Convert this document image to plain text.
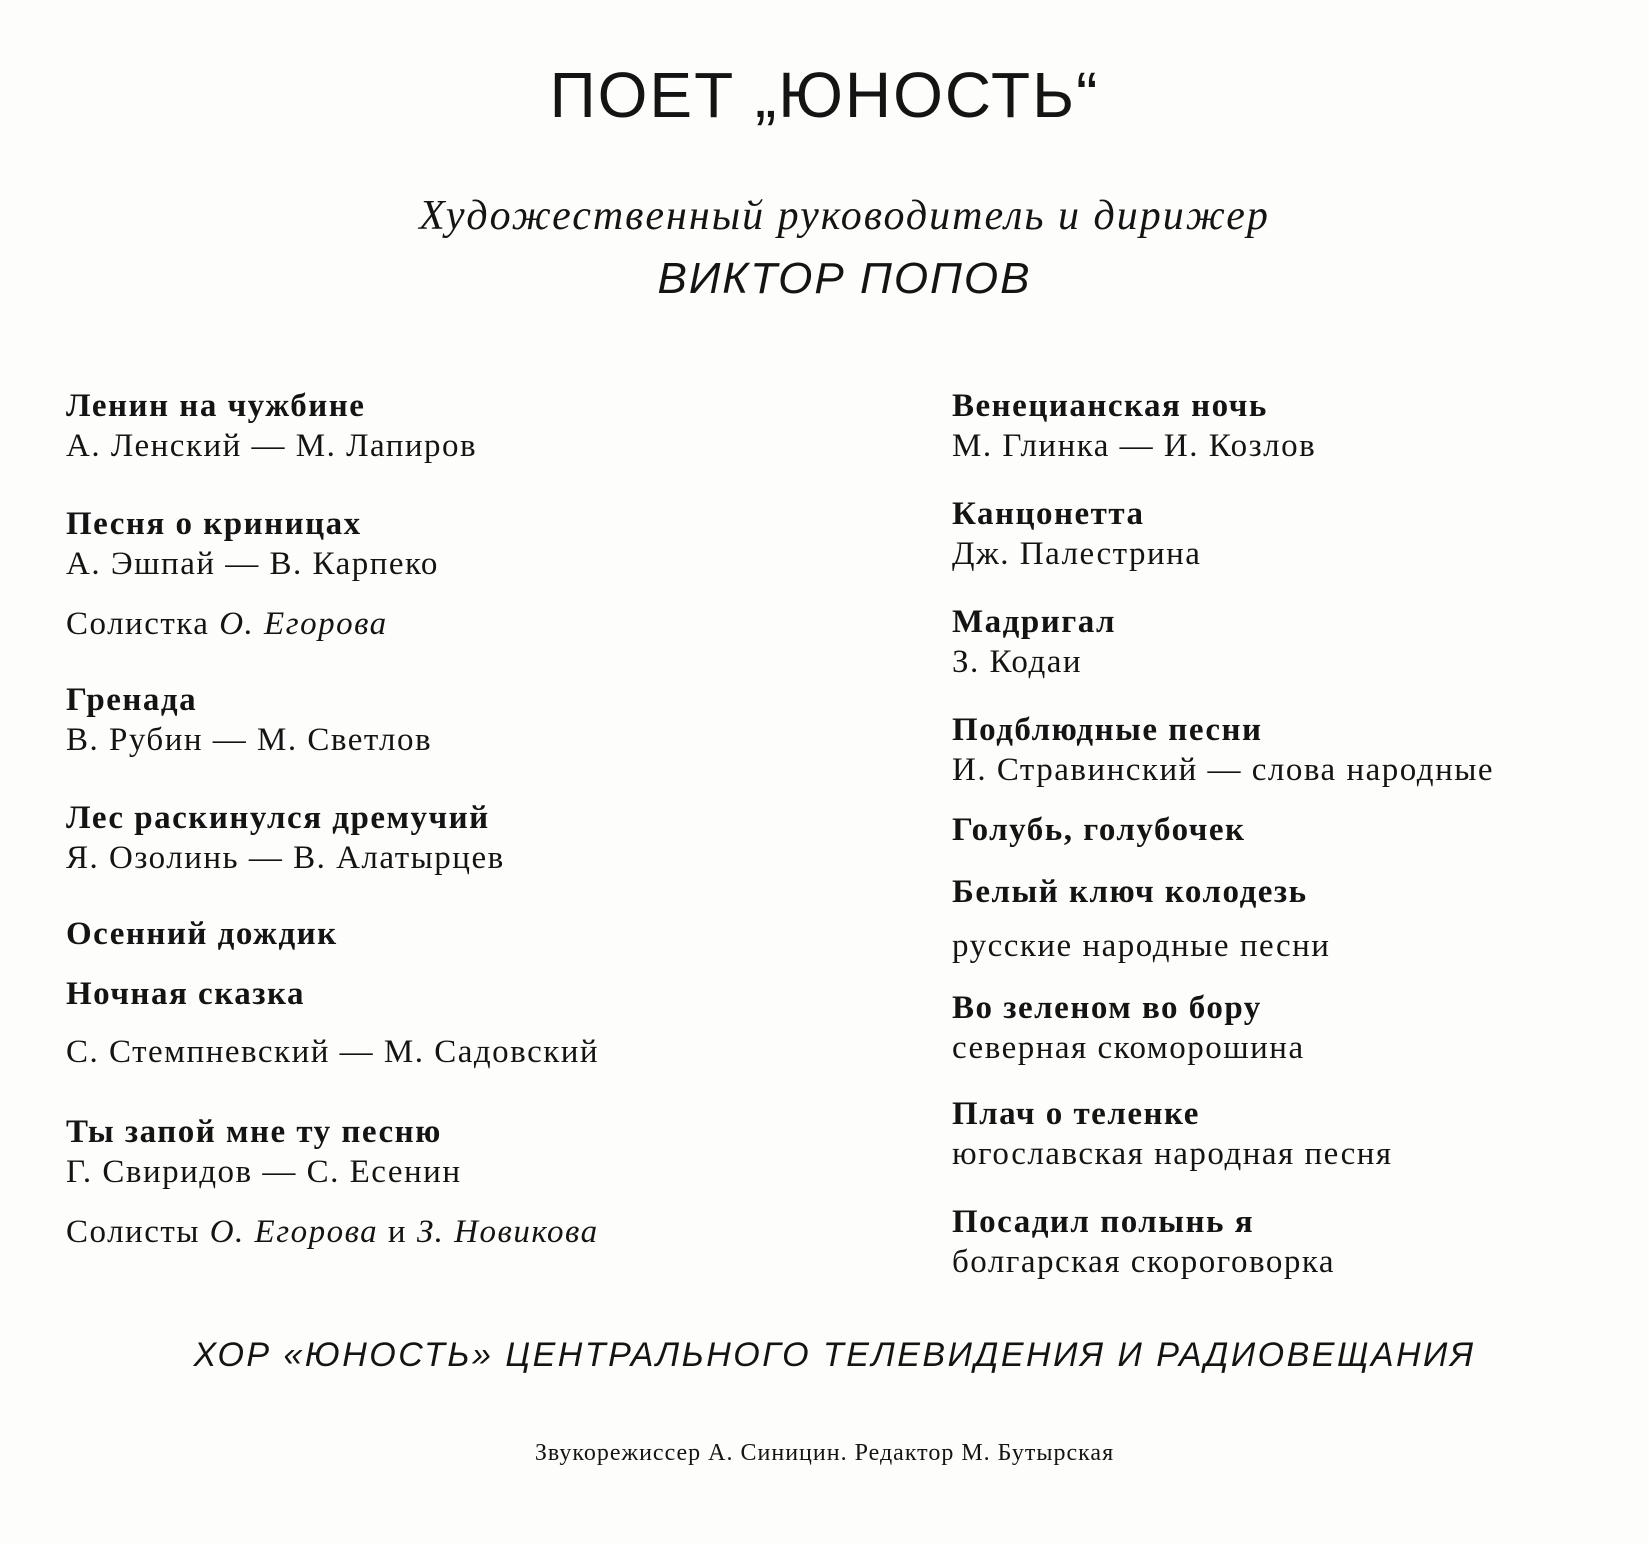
ПОЕТ „ЮНОСТЬ“
Художественный руководитель и дирижер
ВИКТОР ПОПОВ
Ленин на чужбине
А. Ленский — М. Лапиров
Песня о криницах
А. Эшпай — В. Карпеко
Солистка О. Егорова
Гренада
В. Рубин — М. Светлов
Лес раскинулся дремучий
Я. Озолинь — В. Алатырцев
Осенний дождик
Ночная сказка
С. Стемпневский — М. Садовский
Ты запой мне ту песню
Г. Свиридов — С. Есенин
Солисты О. Егорова и З. Новикова
Венецианская ночь
М. Глинка — И. Козлов
Канцонетта
Дж. Палестрина
Мадригал
З. Кодаи
Подблюдные песни
И. Стравинский — слова народные
Голубь, голубочек
Белый ключ колодезь
русские народные песни
Во зеленом во бору
северная скоморошина
Плач о теленке
югославская народная песня
Посадил полынь я
болгарская скороговорка
ХОР «ЮНОСТЬ» ЦЕНТРАЛЬНОГО ТЕЛЕВИДЕНИЯ И РАДИОВЕЩАНИЯ
Звукорежиссер А. Синицин. Редактор М. Бутырская
